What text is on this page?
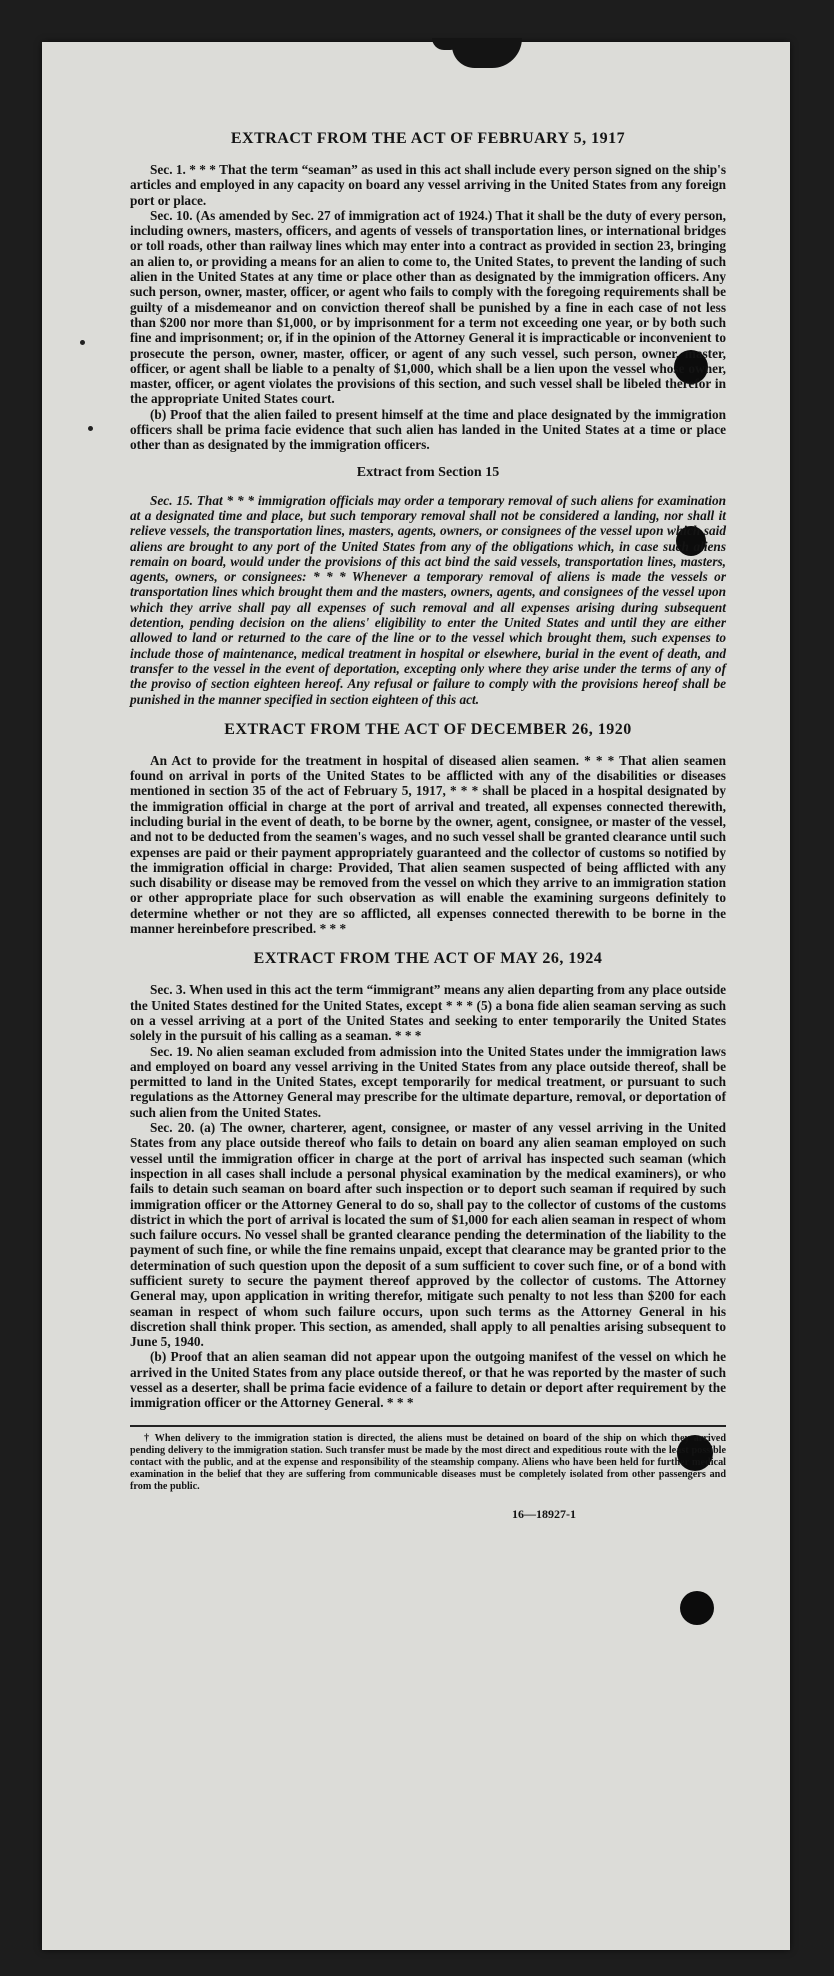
EXTRACT FROM THE ACT OF FEBRUARY 5, 1917

Sec. 1. * * * That the term “seaman” as used in this act shall include every person signed on the ship's articles and employed in any capacity on board any vessel arriving in the United States from any foreign port or place.

Sec. 10. (As amended by Sec. 27 of immigration act of 1924.) That it shall be the duty of every person, including owners, masters, officers, and agents of vessels of transportation lines, or international bridges or toll roads, other than railway lines which may enter into a contract as provided in section 23, bringing an alien to, or providing a means for an alien to come to, the United States, to prevent the landing of such alien in the United States at any time or place other than as designated by the immigration officers. Any such person, owner, master, officer, or agent who fails to comply with the foregoing requirements shall be guilty of a misdemeanor and on conviction thereof shall be punished by a fine in each case of not less than $200 nor more than $1,000, or by imprisonment for a term not exceeding one year, or by both such fine and imprisonment; or, if in the opinion of the Attorney General it is impracticable or inconvenient to prosecute the person, owner, master, officer, or agent of any such vessel, such person, owner, master, officer, or agent shall be liable to a penalty of $1,000, which shall be a lien upon the vessel whose owner, master, officer, or agent violates the provisions of this section, and such vessel shall be libeled therefor in the appropriate United States court.

(b) Proof that the alien failed to present himself at the time and place designated by the immigration officers shall be prima facie evidence that such alien has landed in the United States at a time or place other than as designated by the immigration officers.

Extract from Section 15

Sec. 15. That * * * immigration officials may order a temporary removal of such aliens for examination at a designated time and place, but such temporary removal shall not be considered a landing, nor shall it relieve vessels, the transportation lines, masters, agents, owners, or consignees of the vessel upon which said aliens are brought to any port of the United States from any of the obligations which, in case such aliens remain on board, would under the provisions of this act bind the said vessels, transportation lines, masters, agents, owners, or consignees: * * * Whenever a temporary removal of aliens is made the vessels or transportation lines which brought them and the masters, owners, agents, and consignees of the vessel upon which they arrive shall pay all expenses of such removal and all expenses arising during subsequent detention, pending decision on the aliens' eligibility to enter the United States and until they are either allowed to land or returned to the care of the line or to the vessel which brought them, such expenses to include those of maintenance, medical treatment in hospital or elsewhere, burial in the event of death, and transfer to the vessel in the event of deportation, excepting only where they arise under the terms of any of the proviso of section eighteen hereof. Any refusal or failure to comply with the provisions hereof shall be punished in the manner specified in section eighteen of this act.

EXTRACT FROM THE ACT OF DECEMBER 26, 1920

An Act to provide for the treatment in hospital of diseased alien seamen. * * * That alien seamen found on arrival in ports of the United States to be afflicted with any of the disabilities or diseases mentioned in section 35 of the act of February 5, 1917, * * * shall be placed in a hospital designated by the immigration official in charge at the port of arrival and treated, all expenses connected therewith, including burial in the event of death, to be borne by the owner, agent, consignee, or master of the vessel, and not to be deducted from the seamen's wages, and no such vessel shall be granted clearance until such expenses are paid or their payment appropriately guaranteed and the collector of customs so notified by the immigration official in charge: Provided, That alien seamen suspected of being afflicted with any such disability or disease may be removed from the vessel on which they arrive to an immigration station or other appropriate place for such observation as will enable the examining surgeons definitely to determine whether or not they are so afflicted, all expenses connected therewith to be borne in the manner hereinbefore prescribed. * * *

EXTRACT FROM THE ACT OF MAY 26, 1924

Sec. 3. When used in this act the term “immigrant” means any alien departing from any place outside the United States destined for the United States, except * * * (5) a bona fide alien seaman serving as such on a vessel arriving at a port of the United States and seeking to enter temporarily the United States solely in the pursuit of his calling as a seaman. * * *

Sec. 19. No alien seaman excluded from admission into the United States under the immigration laws and employed on board any vessel arriving in the United States from any place outside thereof, shall be permitted to land in the United States, except temporarily for medical treatment, or pursuant to such regulations as the Attorney General may prescribe for the ultimate departure, removal, or deportation of such alien from the United States.

Sec. 20. (a) The owner, charterer, agent, consignee, or master of any vessel arriving in the United States from any place outside thereof who fails to detain on board any alien seaman employed on such vessel until the immigration officer in charge at the port of arrival has inspected such seaman (which inspection in all cases shall include a personal physical examination by the medical examiners), or who fails to detain such seaman on board after such inspection or to deport such seaman if required by such immigration officer or the Attorney General to do so, shall pay to the collector of customs of the customs district in which the port of arrival is located the sum of $1,000 for each alien seaman in respect of whom such failure occurs. No vessel shall be granted clearance pending the determination of the liability to the payment of such fine, or while the fine remains unpaid, except that clearance may be granted prior to the determination of such question upon the deposit of a sum sufficient to cover such fine, or of a bond with sufficient surety to secure the payment thereof approved by the collector of customs. The Attorney General may, upon application in writing therefor, mitigate such penalty to not less than $200 for each seaman in respect of whom such failure occurs, upon such terms as the Attorney General in his discretion shall think proper. This section, as amended, shall apply to all penalties arising subsequent to June 5, 1940.

(b) Proof that an alien seaman did not appear upon the outgoing manifest of the vessel on which he arrived in the United States from any place outside thereof, or that he was reported by the master of such vessel as a deserter, shall be prima facie evidence of a failure to detain or deport after requirement by the immigration officer or the Attorney General. * * *

† When delivery to the immigration station is directed, the aliens must be detained on board of the ship on which they arrived pending delivery to the immigration station. Such transfer must be made by the most direct and expeditious route with the least possible contact with the public, and at the expense and responsibility of the steamship company. Aliens who have been held for further medical examination in the belief that they are suffering from communicable diseases must be completely isolated from other passengers and from the public.

16—18927-1
